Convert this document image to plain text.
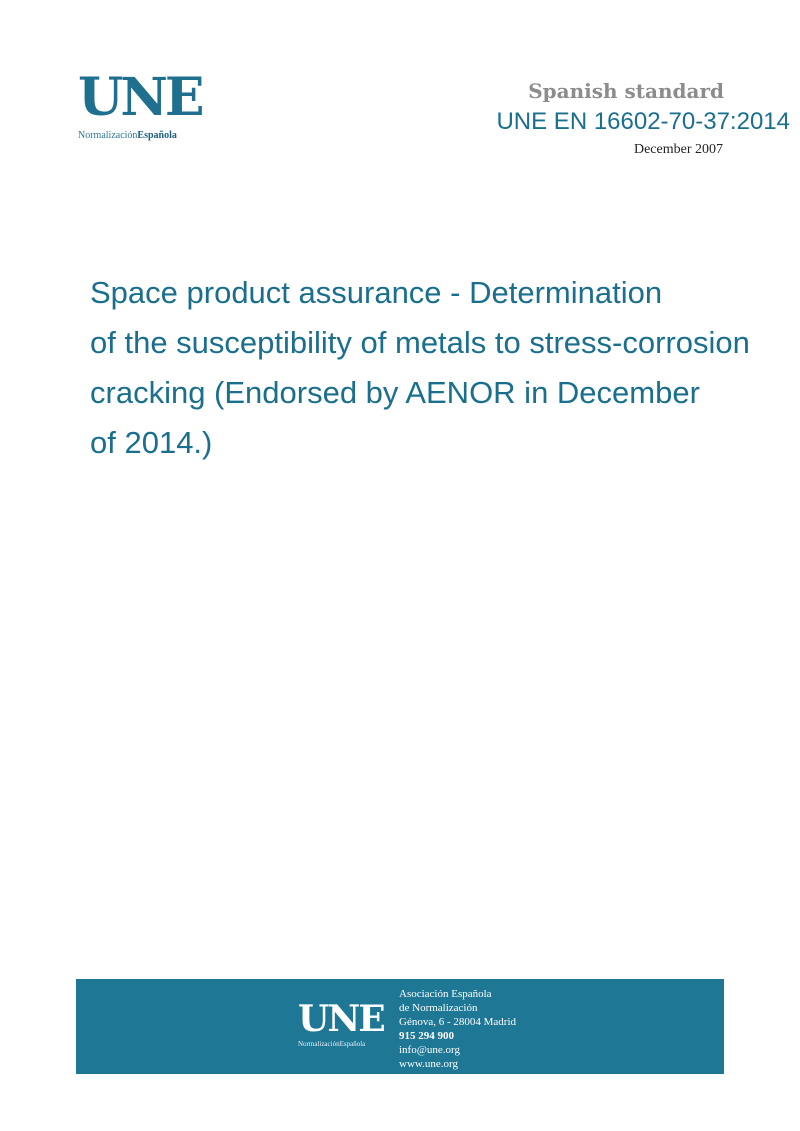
UNE
NormalizaciónEspañola
Spanish standard
UNE EN 16602-70-37:2014
December 2007
Space product assurance - Determination
of the susceptibility of metals to stress-corrosion
cracking (Endorsed by AENOR in December
of 2014.)
UNE
NormalizaciónEspañola
Asociación Española
de Normalización
Génova, 6 - 28004 Madrid
915 294 900
info@une.org
www.une.org
